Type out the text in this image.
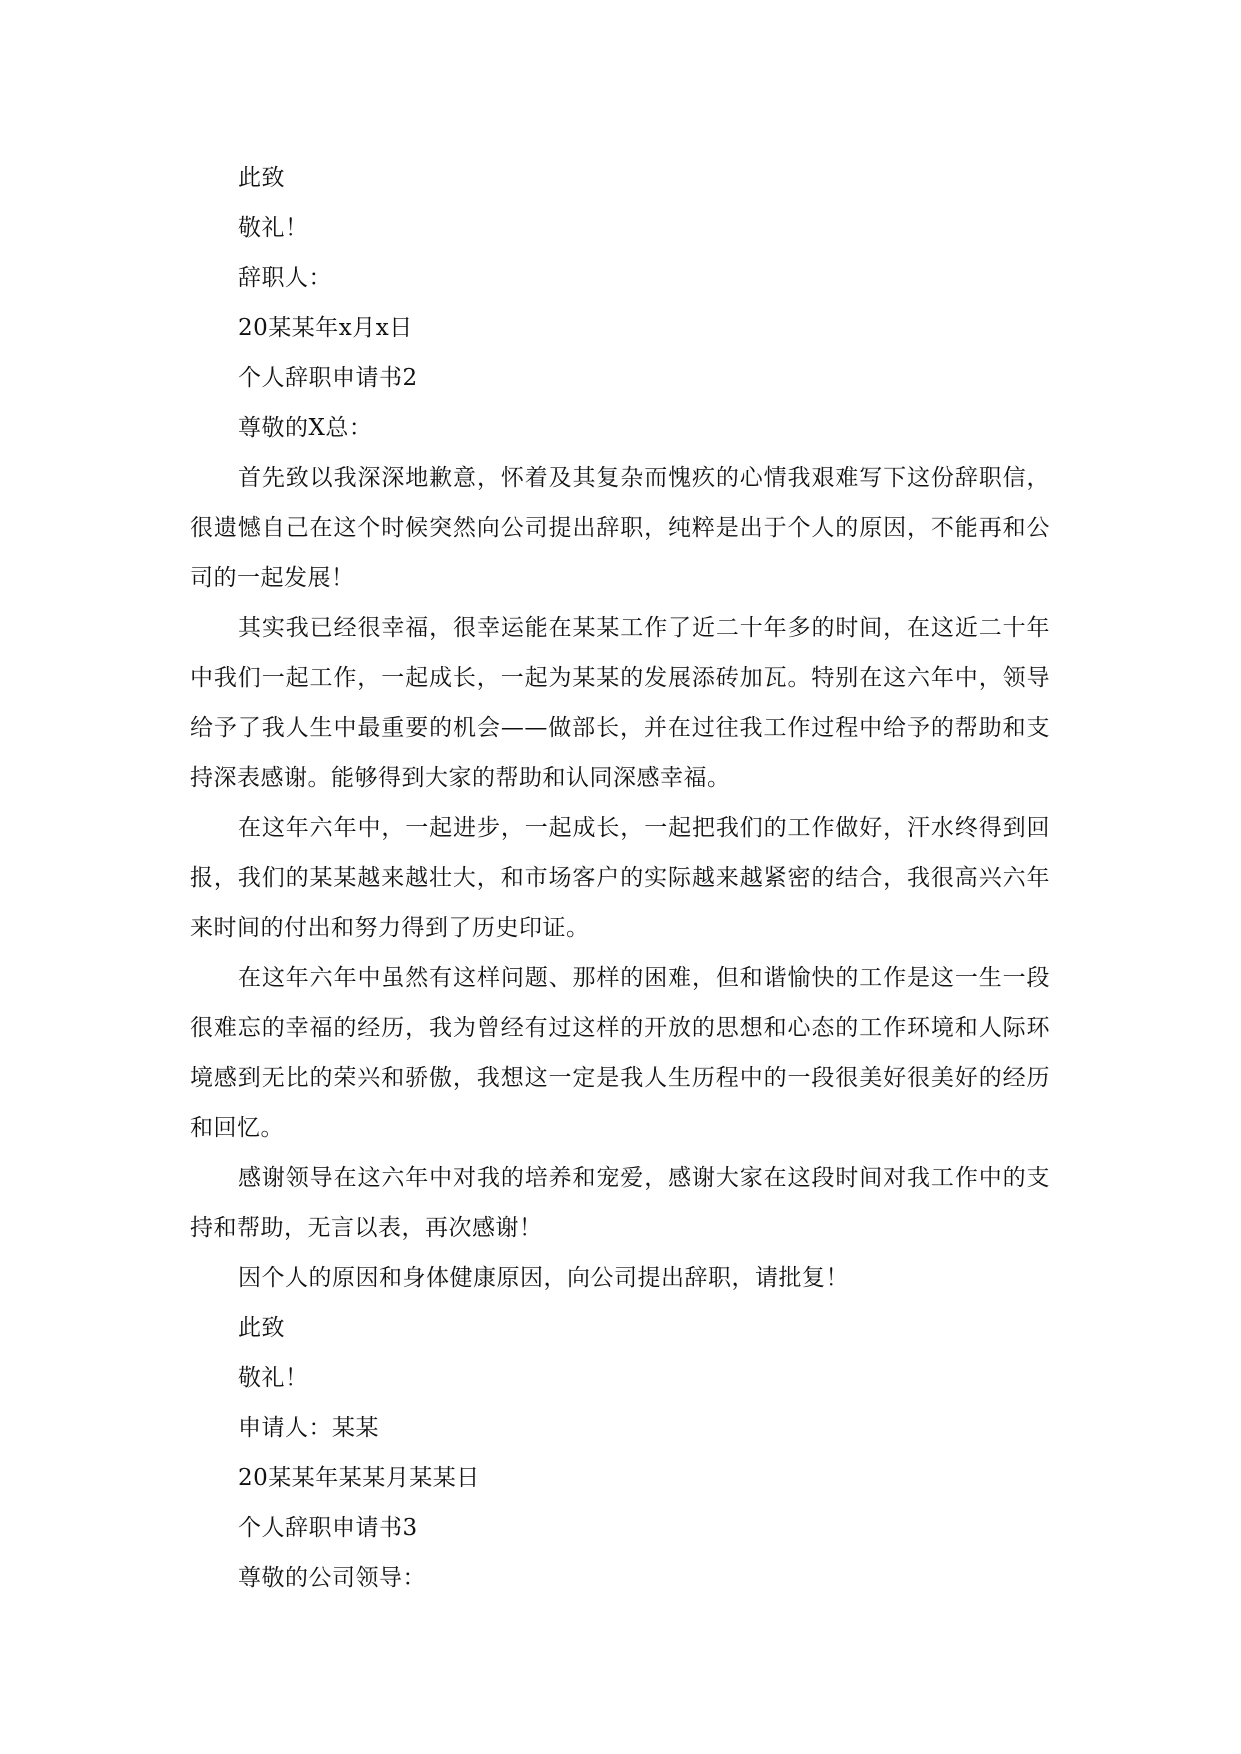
此致

敬礼！

辞职人：

20某某年x月x日

个人辞职申请书2

尊敬的X总：

首先致以我深深地歉意，怀着及其复杂而愧疚的心情我艰难写下这份辞职信，很遗憾自己在这个时候突然向公司提出辞职，纯粹是出于个人的原因，不能再和公司的一起发展！

其实我已经很幸福，很幸运能在某某工作了近二十年多的时间，在这近二十年中我们一起工作，一起成长，一起为某某的发展添砖加瓦。特别在这六年中，领导给予了我人生中最重要的机会——做部长，并在过往我工作过程中给予的帮助和支持深表感谢。能够得到大家的帮助和认同深感幸福。

在这年六年中，一起进步，一起成长，一起把我们的工作做好，汗水终得到回报，我们的某某越来越壮大，和市场客户的实际越来越紧密的结合，我很高兴六年来时间的付出和努力得到了历史印证。

在这年六年中虽然有这样问题、那样的困难，但和谐愉快的工作是这一生一段很难忘的幸福的经历，我为曾经有过这样的开放的思想和心态的工作环境和人际环境感到无比的荣兴和骄傲，我想这一定是我人生历程中的一段很美好很美好的经历和回忆。

感谢领导在这六年中对我的培养和宠爱，感谢大家在这段时间对我工作中的支持和帮助，无言以表，再次感谢！

因个人的原因和身体健康原因，向公司提出辞职，请批复！

此致

敬礼！

申请人：某某

20某某年某某月某某日

个人辞职申请书3

尊敬的公司领导：
